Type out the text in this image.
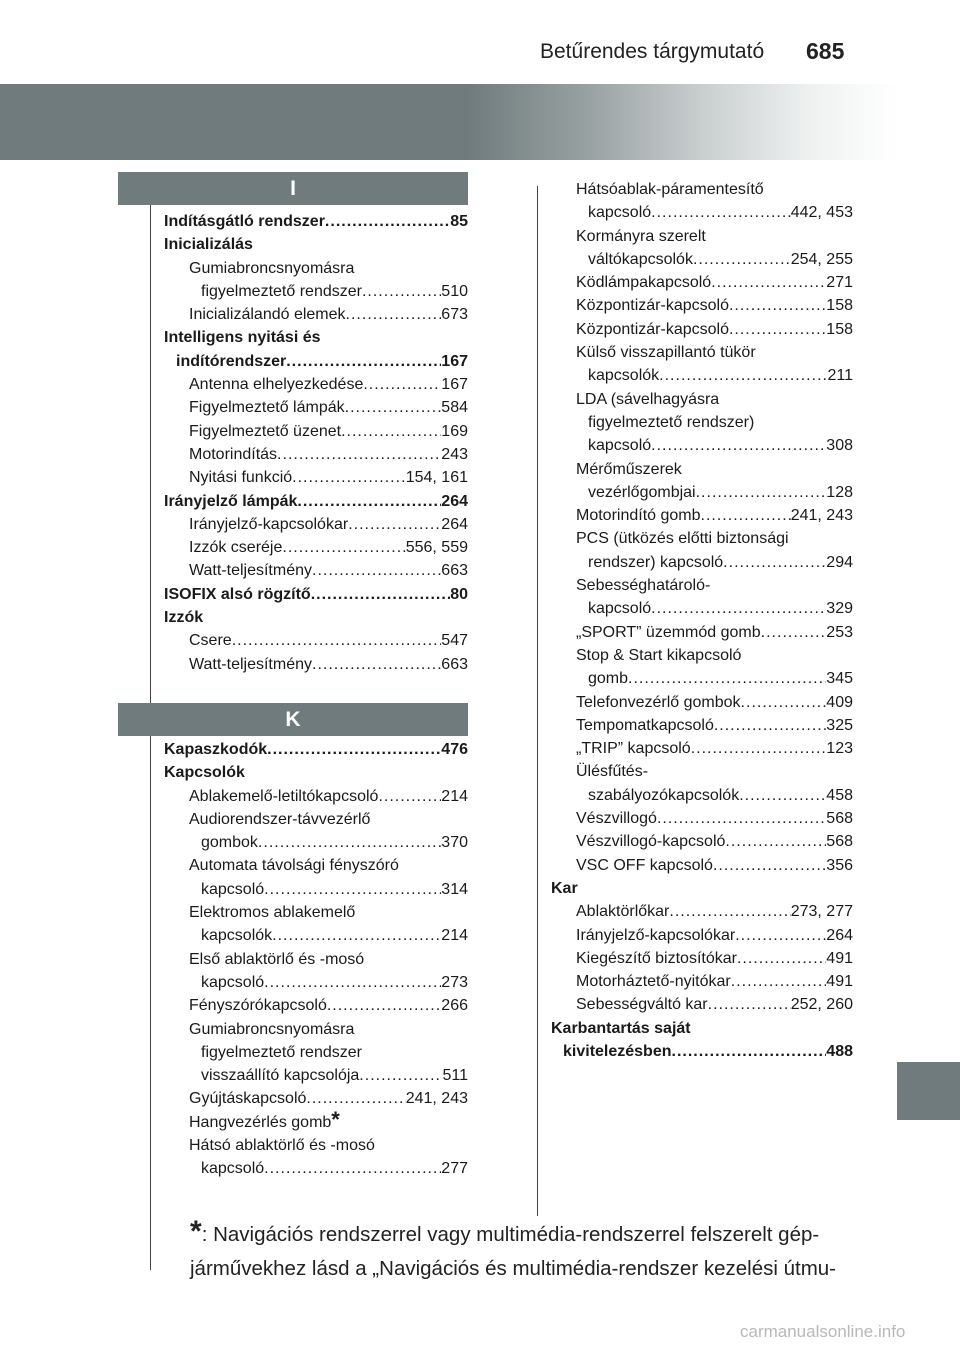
Betűrendes tárgymutató 685
I
K
Indításgátló rendszer .....	85
Inicializálás
Gumiabroncsnyomásra
figyelmeztető rendszer .....	510
Inicializálandó elemek .....	673
Intelligens nyitási és
indítórendszer .....	167
Antenna elhelyezkedése .....	167
Figyelmeztető lámpák .....	584
Figyelmeztető üzenet .....	169
Motorindítás .....	243
Nyitási funkció .....	154, 161
Irányjelző lámpák .....	264
Irányjelző-kapcsolókar .....	264
Izzók cseréje .....	556, 559
Watt-teljesítmény .....	663
ISOFIX alsó rögzítő .....	80
Izzók
Csere .....	547
Watt-teljesítmény .....	663
Kapaszkodók .....	476
Kapcsolók
Ablakemelő-letiltókapcsoló .....	214
Audiorendszer-távvezérlő
gombok .....	370
Automata távolsági fényszóró
kapcsoló .....	314
Elektromos ablakemelő
kapcsolók .....	214
Első ablaktörlő és -mosó
kapcsoló .....	273
Fényszórókapcsoló .....	266
Gumiabroncsnyomásra
figyelmeztető rendszer
visszaállító kapcsolója .....	511
Gyújtáskapcsoló .....	241, 243
Hangvezérlés gomb *
Hátsó ablaktörlő és -mosó
kapcsoló .....	277
Hátsóablak-páramentesítő
kapcsoló .....	442, 453
Kormányra szerelt
váltókapcsolók .....	254, 255
Ködlámpakapcsoló .....	271
Központizár-kapcsoló .....	158
Központizár-kapcsoló .....	158
Külső visszapillantó tükör
kapcsolók .....	211
LDA (sávelhagyásra
figyelmeztető rendszer)
kapcsoló .....	308
Mérőműszerek
vezérlőgombjai .....	128
Motorindító gomb .....	241, 243
PCS (ütközés előtti biztonsági
rendszer) kapcsoló .....	294
Sebességhatároló-
kapcsoló .....	329
„SPORT” üzemmód gomb .....	253
Stop & Start kikapcsoló
gomb .....	345
Telefonvezérlő gombok .....	409
Tempomatkapcsoló .....	325
„TRIP” kapcsoló .....	123
Ülésfűtés-
szabályozókapcsolók .....	458
Vészvillogó .....	568
Vészvillogó-kapcsoló .....	568
VSC OFF kapcsoló .....	356
Kar
Ablaktörlőkar .....	273, 277
Irányjelző-kapcsolókar .....	264
Kiegészítő biztosítókar .....	491
Motorháztető-nyitókar .....	491
Sebességváltó kar .....	252, 260
Karbantartás saját
kivitelezésben .....	488
*: Navigációs rendszerrel vagy multimédia-rendszerrel felszerelt gép-
járművekhez lásd a „Navigációs és multimédia-rendszer kezelési útmu-
carmanualsonline.info
